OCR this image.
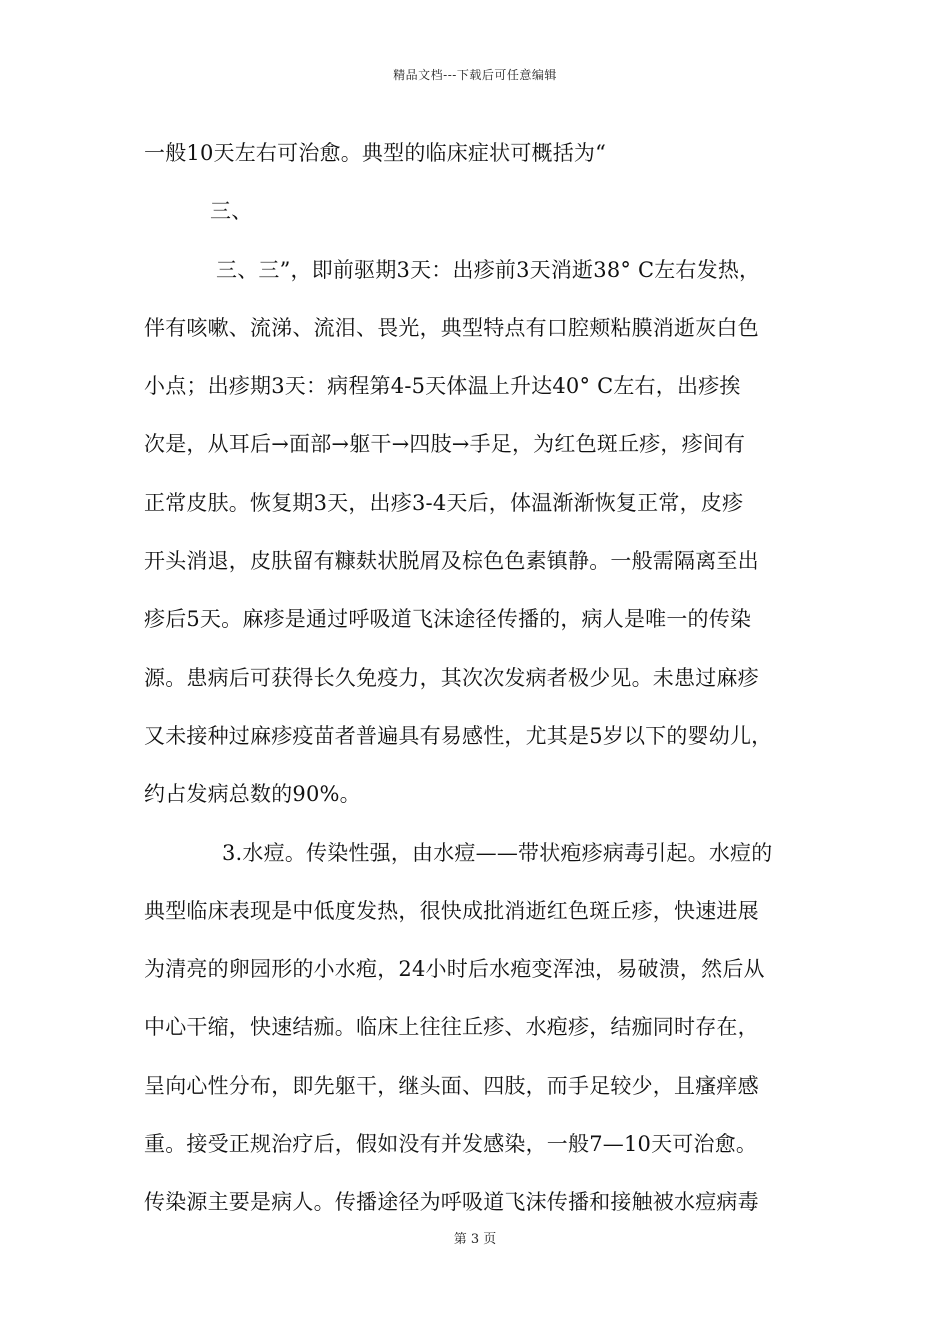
精品文档---下载后可任意编辑
一般10天左右可治愈。典型的临床症状可概括为“
三、
三、三”，即前驱期3天：出疹前3天消逝38° C左右发热，
伴有咳嗽、流涕、流泪、畏光，典型特点有口腔颊粘膜消逝灰白色
小点；出疹期3天：病程第4-5天体温上升达40° C左右，出疹挨
次是，从耳后→面部→躯干→四肢→手足，为红色斑丘疹，疹间有
正常皮肤。恢复期3天，出疹3-4天后，体温渐渐恢复正常，皮疹
开头消退，皮肤留有糠麸状脱屑及棕色色素镇静。一般需隔离至出
疹后5天。麻疹是通过呼吸道飞沫途径传播的，病人是唯一的传染
源。患病后可获得长久免疫力，其次次发病者极少见。未患过麻疹
又未接种过麻疹疫苗者普遍具有易感性，尤其是5岁以下的婴幼儿，
约占发病总数的90%。
3.水痘。传染性强，由水痘——带状疱疹病毒引起。水痘的
典型临床表现是中低度发热，很快成批消逝红色斑丘疹，快速进展
为清亮的卵园形的小水疱，24小时后水疱变浑浊，易破溃，然后从
中心干缩，快速结痂。临床上往往丘疹、水疱疹，结痂同时存在，
呈向心性分布，即先躯干，继头面、四肢，而手足较少，且瘙痒感
重。接受正规治疗后，假如没有并发感染，一般7—10天可治愈。
传染源主要是病人。传播途径为呼吸道飞沫传播和接触被水痘病毒
第 3 页
